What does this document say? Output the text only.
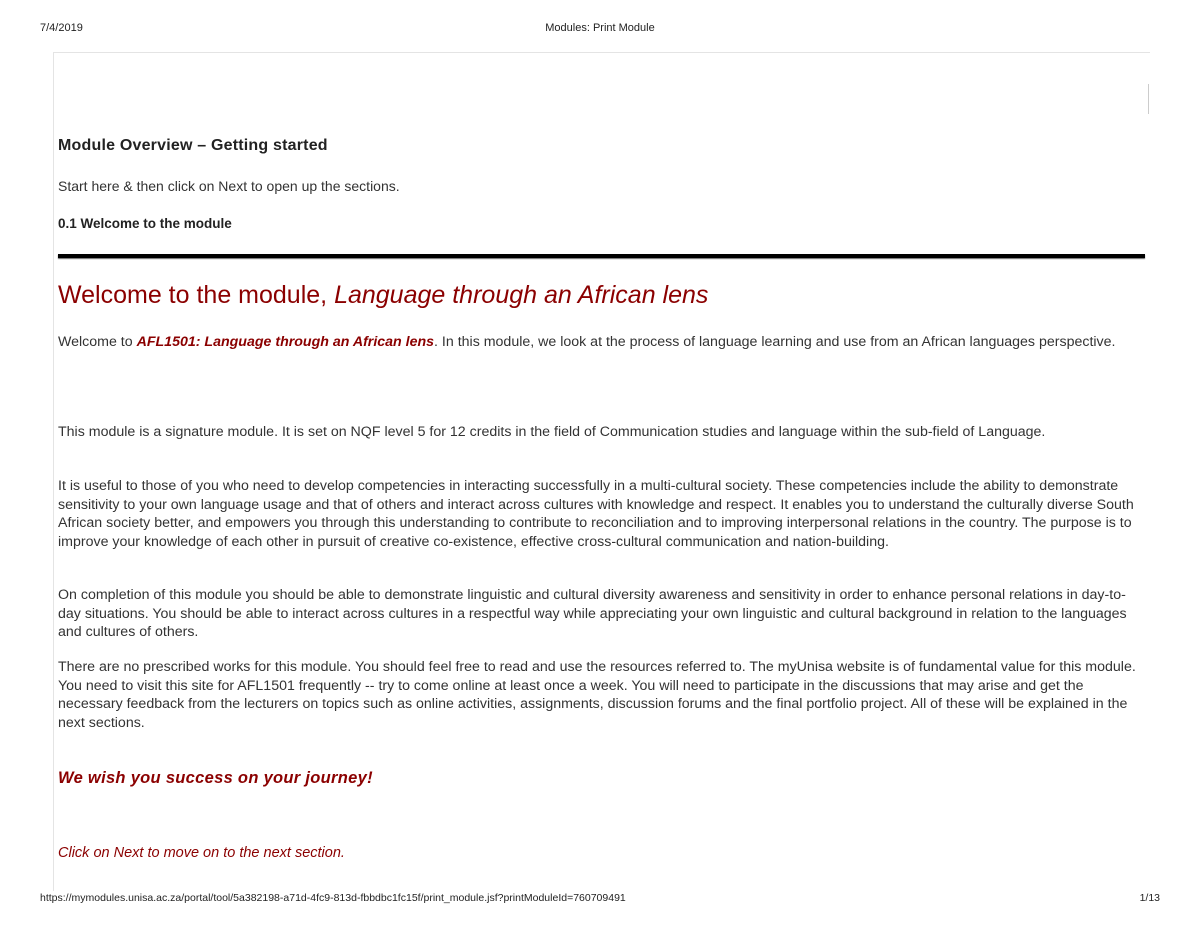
7/4/2019	Modules: Print Module
Module Overview – Getting started
Start here & then click on Next to open up the sections.
0.1 Welcome to the module
Welcome to the module, Language through an African lens
Welcome to AFL1501: Language through an African lens. In this module, we look at the process of language learning and use from an African languages perspective.
This module is a signature module. It is set on NQF level 5 for 12 credits in the field of Communication studies and language within the sub-field of Language.
It is useful to those of you who need to develop competencies in interacting successfully in a multi-cultural society. These competencies include the ability to demonstrate sensitivity to your own language usage and that of others and interact across cultures with knowledge and respect. It enables you to understand the culturally diverse South African society better, and empowers you through this understanding to contribute to reconciliation and to improving interpersonal relations in the country. The purpose is to improve your knowledge of each other in pursuit of creative co-existence, effective cross-cultural communication and nation-building.
On completion of this module you should be able to demonstrate linguistic and cultural diversity awareness and sensitivity in order to enhance personal relations in day-to-day situations. You should be able to interact across cultures in a respectful way while appreciating your own linguistic and cultural background in relation to the languages and cultures of others.
There are no prescribed works for this module. You should feel free to read and use the resources referred to. The myUnisa website is of fundamental value for this module. You need to visit this site for AFL1501 frequently -- try to come online at least once a week. You will need to participate in the discussions that may arise and get the necessary feedback from the lecturers on topics such as online activities, assignments, discussion forums and the final portfolio project. All of these will be explained in the next sections.
We wish you success on your journey!
Click on Next to move on to the next section.
https://mymodules.unisa.ac.za/portal/tool/5a382198-a71d-4fc9-813d-fbbdbc1fc15f/print_module.jsf?printModuleId=760709491	1/13
